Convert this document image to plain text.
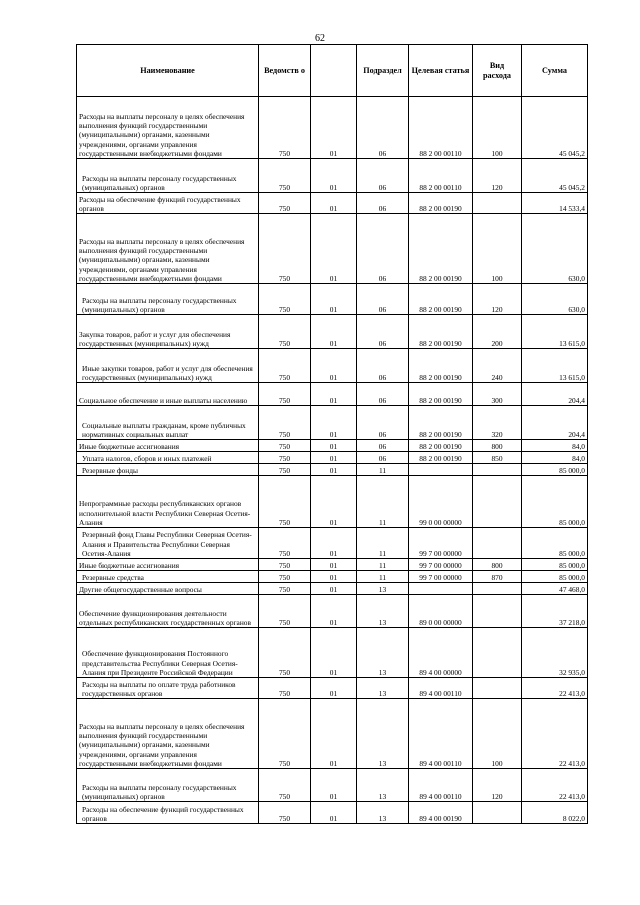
62
Наименование	Ведомств о		Подраздел	Целевая статья	Вид расхода	Сумма
Расходы на выплаты персоналу в целях обеспечения выполнения функций государственными (муниципальными) органами, казенными учреждениями, органами управления государственными внебюджетными фондами	750	01	06	88 2 00 00110	100	45 045,2
Расходы на выплаты персоналу государственных (муниципальных) органов	750	01	06	88 2 00 00110	120	45 045,2
Расходы на обеспечение функций государственных органов	750	01	06	88 2 00 00190		14 533,4
Расходы на выплаты персоналу в целях обеспечения выполнения функций государственными (муниципальными) органами, казенными учреждениями, органами управления государственными внебюджетными фондами	750	01	06	88 2 00 00190	100	630,0
Расходы на выплаты персоналу государственных (муниципальных) органов	750	01	06	88 2 00 00190	120	630,0
Закупка товаров, работ и услуг для обеспечения государственных (муниципальных) нужд	750	01	06	88 2 00 00190	200	13 615,0
Иные закупки товаров, работ и услуг для обеспечения государственных (муниципальных) нужд	750	01	06	88 2 00 00190	240	13 615,0
Социальное обеспечение и иные выплаты населению	750	01	06	88 2 00 00190	300	204,4
Социальные выплаты гражданам, кроме публичных нормативных социальных выплат	750	01	06	88 2 00 00190	320	204,4
Иные бюджетные ассигнования	750	01	06	88 2 00 00190	800	84,0
Уплата налогов, сборов и иных платежей	750	01	06	88 2 00 00190	850	84,0
Резервные фонды	750	01	11			85 000,0
Непрограммные расходы республиканских органов исполнительной власти Республики Северная Осетия-Алания	750	01	11	99 0 00 00000		85 000,0
Резервный фонд Главы Республики Северная Осетия-Алания и Правительства Республики Северная Осетия-Алания	750	01	11	99 7 00 00000		85 000,0
Иные бюджетные ассигнования	750	01	11	99 7 00 00000	800	85 000,0
Резервные средства	750	01	11	99 7 00 00000	870	85 000,0
Другие общегосударственные вопросы	750	01	13			47 468,0
Обеспечение функционирования деятельности отдельных республиканских государственных органов	750	01	13	89 0 00 00000		37 218,0
Обеспечение функционирования Постоянного представительства Республики Северная Осетия-Алания при Президенте Российской Федерации	750	01	13	89 4 00 00000		32 935,0
Расходы на выплаты по оплате труда работников государственных органов	750	01	13	89 4 00 00110		22 413,0
Расходы на выплаты персоналу в целях обеспечения выполнения функций государственными (муниципальными) органами, казенными учреждениями, органами управления государственными внебюджетными фондами	750	01	13	89 4 00 00110	100	22 413,0
Расходы на выплаты персоналу государственных (муниципальных) органов	750	01	13	89 4 00 00110	120	22 413,0
Расходы на обеспечение функций государственных органов	750	01	13	89 4 00 00190		8 022,0
